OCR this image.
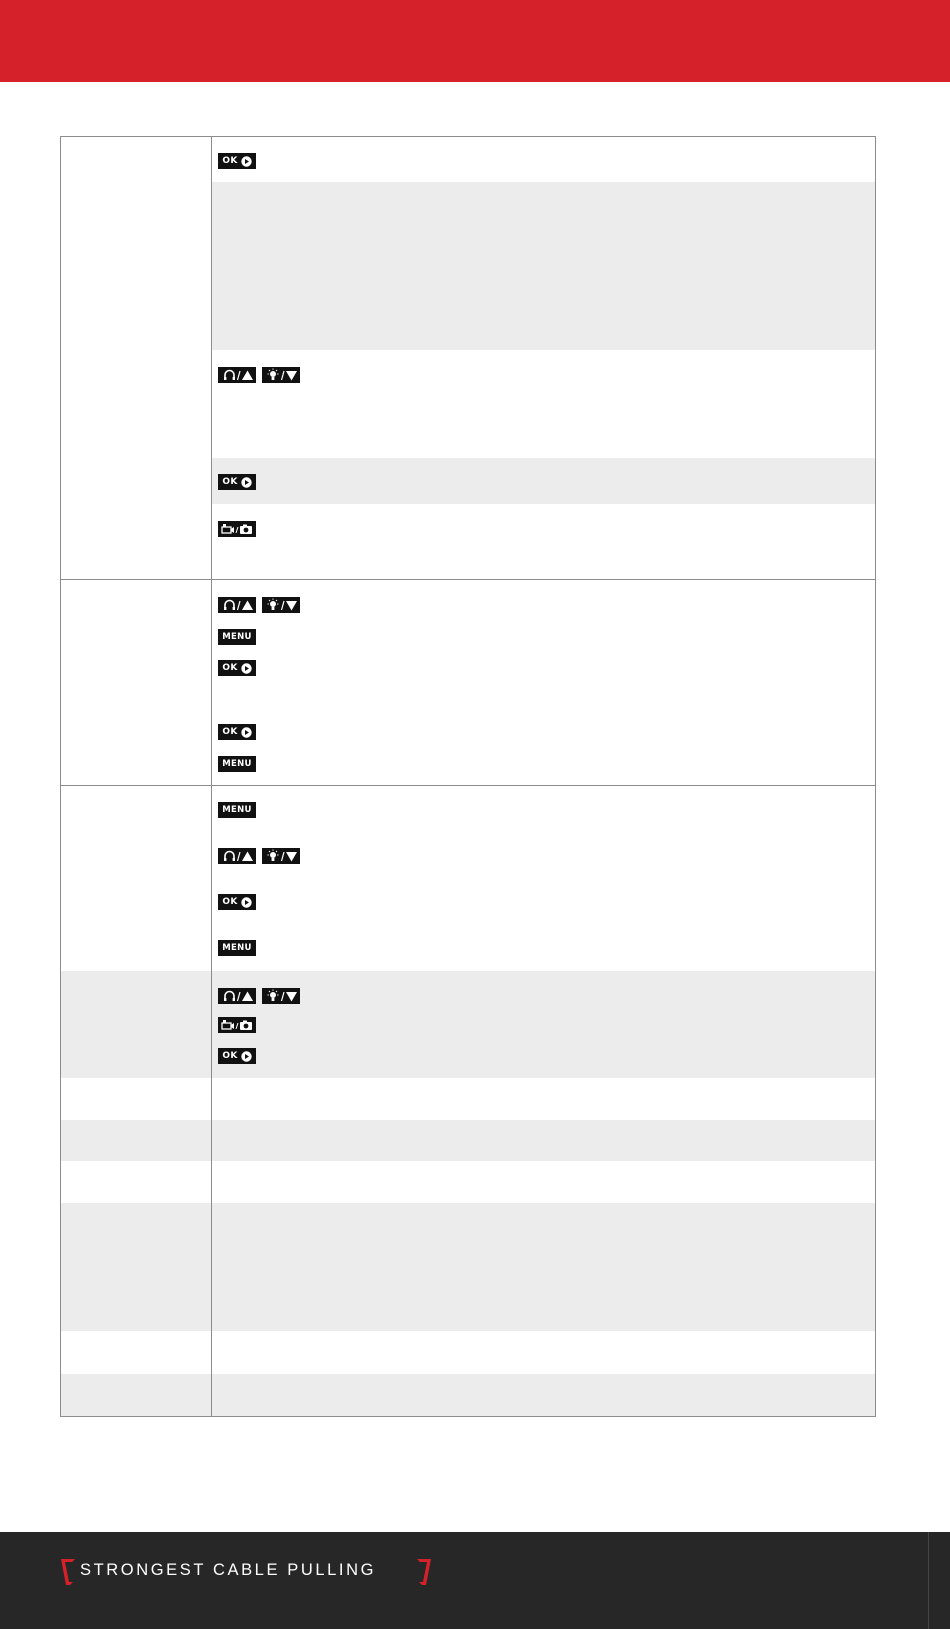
OK
OK
MENU
OK
OK
MENU
MENU
OK
MENU
OK
STRONGEST CABLE PULLING
